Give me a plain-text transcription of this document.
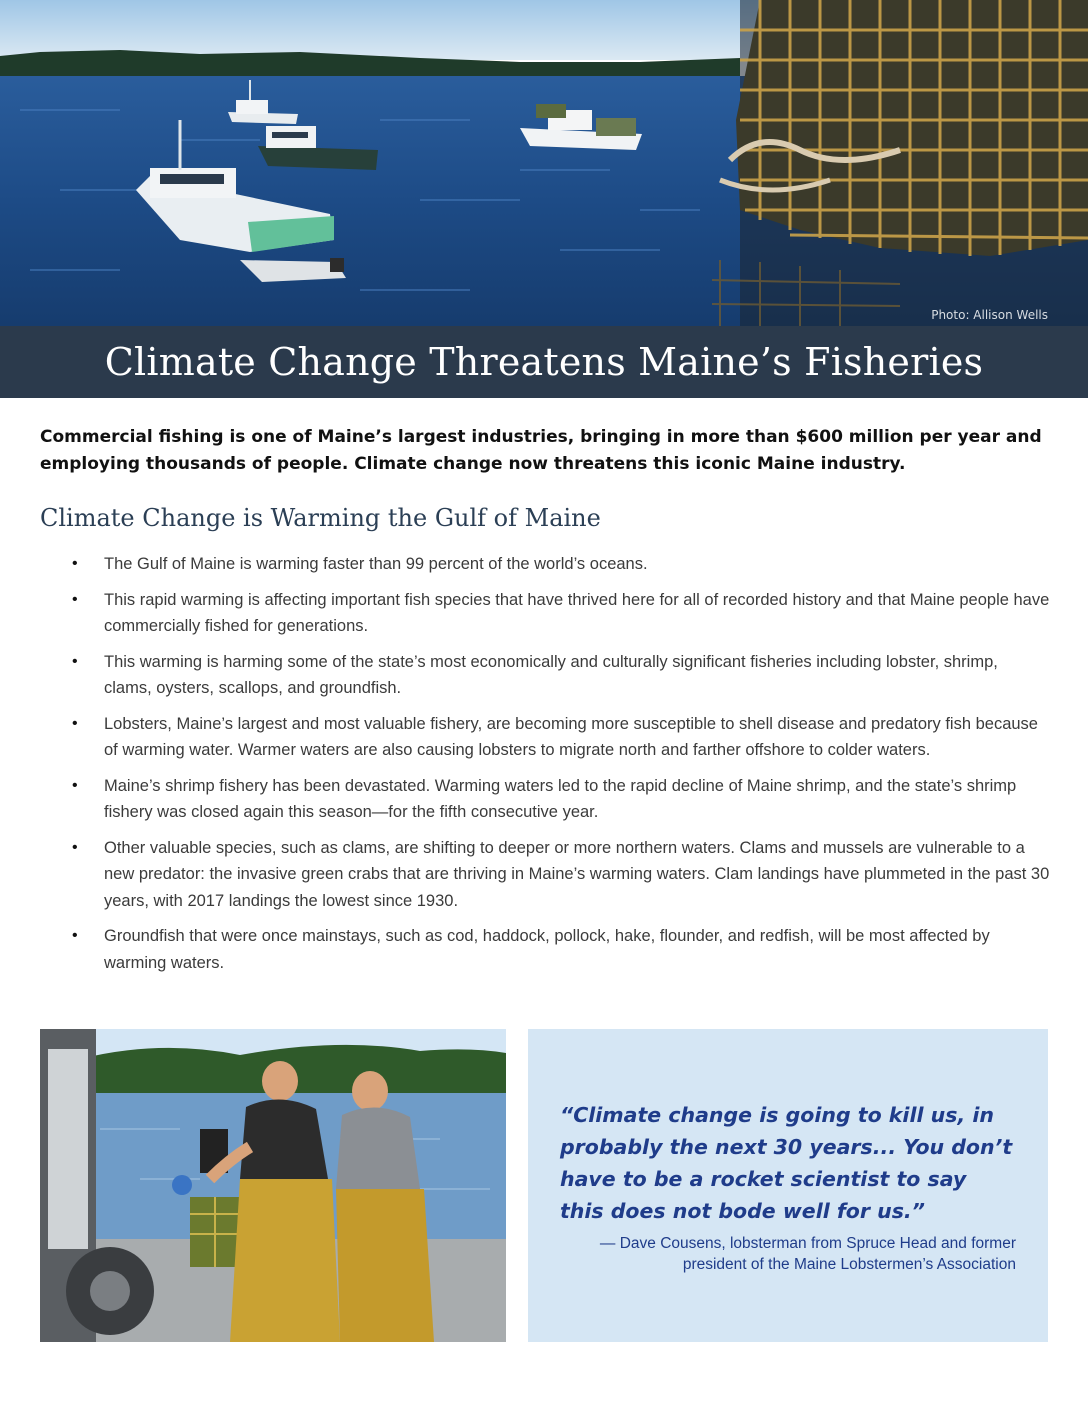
Photo: Allison Wells
Climate Change Threatens Maine’s Fisheries

Commercial fishing is one of Maine’s largest industries, bringing in more than $600 million per year and employing thousands of people. Climate change now threatens this iconic Maine industry.

Climate Change is Warming the Gulf of Maine
• The Gulf of Maine is warming faster than 99 percent of the world’s oceans.
• This rapid warming is affecting important fish species that have thrived here for all of recorded history and that Maine people have commercially fished for generations.
• This warming is harming some of the state’s most economically and culturally significant fisheries including lobster, shrimp, clams, oysters, scallops, and groundfish.
• Lobsters, Maine’s largest and most valuable fishery, are becoming more susceptible to shell disease and predatory fish because of warming water. Warmer waters are also causing lobsters to migrate north and farther offshore to colder waters.
• Maine’s shrimp fishery has been devastated. Warming waters led to the rapid decline of Maine shrimp, and the state’s shrimp fishery was closed again this season—for the fifth consecutive year.
• Other valuable species, such as clams, are shifting to deeper or more northern waters. Clams and mussels are vulnerable to a new predator: the invasive green crabs that are thriving in Maine’s warming waters. Clam landings have plummeted in the past 30 years, with 2017 landings the lowest since 1930.
• Groundfish that were once mainstays, such as cod, haddock, pollock, hake, flounder, and redfish, will be most affected by warming waters.
“Climate change is going to kill us, in probably the next 30 years... You don’t have to be a rocket scientist to say this does not bode well for us.”
— Dave Cousens, lobsterman from Spruce Head and former
president of the Maine Lobstermen’s Association
